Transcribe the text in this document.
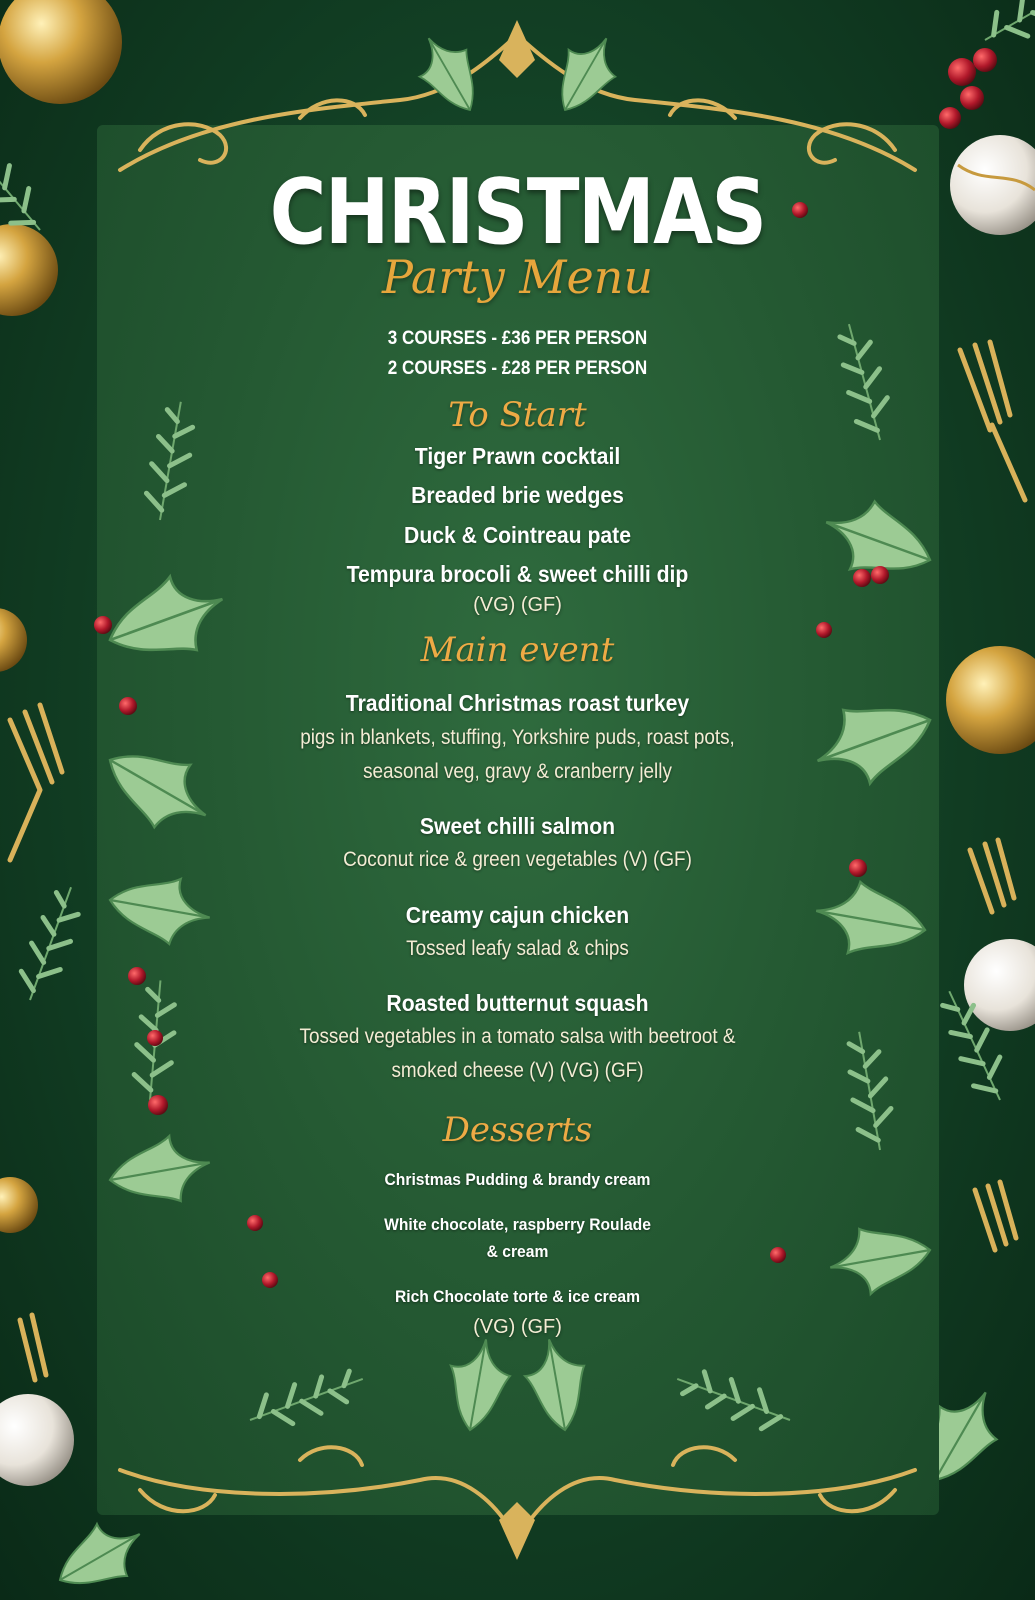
CHRISTMAS
Party Menu
3 COURSES - £36 PER PERSON
2 COURSES - £28 PER PERSON
To Start
Tiger Prawn cocktail
Breaded brie wedges
Duck & Cointreau pate
Tempura brocoli & sweet chilli dip
(VG) (GF)
Main event
Traditional Christmas roast turkey
pigs in blankets, stuffing, Yorkshire puds, roast pots,
seasonal veg, gravy & cranberry jelly
Sweet chilli salmon
Coconut rice & green vegetables (V) (GF)
Creamy cajun chicken
Tossed leafy salad & chips
Roasted butternut squash
Tossed vegetables in a tomato salsa with beetroot &
smoked cheese (V) (VG) (GF)
Desserts
Christmas Pudding & brandy cream
White chocolate, raspberry Roulade
& cream
Rich Chocolate torte & ice cream
(VG) (GF)
